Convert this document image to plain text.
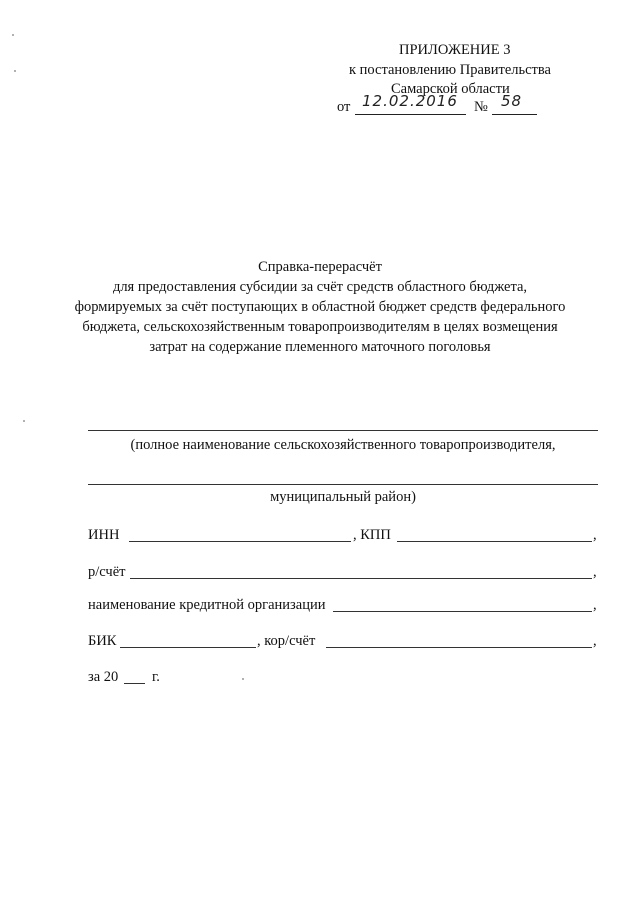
ПРИЛОЖЕНИЕ 3
к постановлению Правительства
Самарской области
от 12.02.2016 № 58
Справка-перерасчёт
для предоставления субсидии за счёт средств областного бюджета,
формируемых за счёт поступающих в областной бюджет средств федерального
бюджета, сельскохозяйственным товаропроизводителям в целях возмещения
затрат на содержание племенного маточного поголовья
(полное наименование сельскохозяйственного товаропроизводителя,
муниципальный район)
ИНН	, КПП	,
р/счёт	,
наименование кредитной организации	,
БИК	, кор/счёт	,
за 20 г.
